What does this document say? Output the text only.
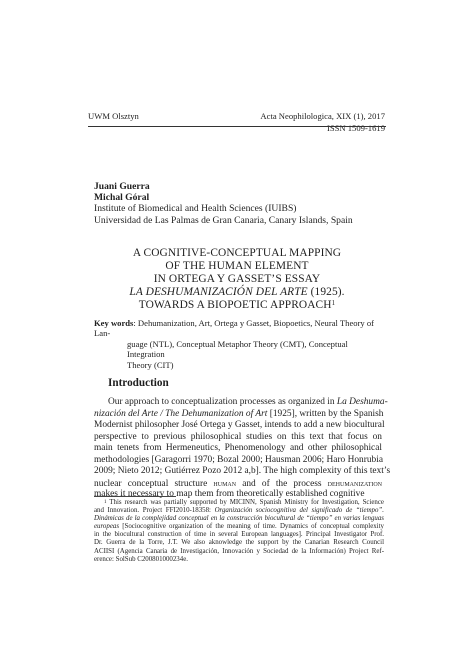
UWM Olsztyn	Acta Neophilologica, XIX (1), 2017
ISSN 1509-1619
Juani Guerra
Michal Góral
Institute of Biomedical and Health Sciences (IUIBS)
Universidad de Las Palmas de Gran Canaria, Canary Islands, Spain
A COGNITIVE-CONCEPTUAL MAPPING
OF THE HUMAN ELEMENT
IN ORTEGA Y GASSET’S ESSAY
LA DESHUMANIZACIÓN DEL ARTE (1925).
TOWARDS A BIOPOETIC APPROACH$^1$
Key words: Dehumanization, Art, Ortega y Gasset, Biopoetics, Neural Theory of Lan-
guage (NTL), Conceptual Metaphor Theory (CMT), Conceptual Integration
Theory (CIT)
Introduction
Our approach to conceptualization processes as organized in La Deshuma-
nización del Arte / The Dehumanization of Art [1925], written by the Spanish
Modernist philosopher José Ortega y Gasset, intends to add a new biocultural
perspective to previous philosophical studies on this text that focus on
main tenets from Hermeneutics, Phenomenology and other philosophical
methodologies [Garagorri 1970; Bozal 2000; Hausman 2006; Haro Honrubia
2009; Nieto 2012; Gutiérrez Pozo 2012 a,b]. The high complexity of this text’s
nuclear conceptual structure human and of the process dehumanization
makes it necessary to map them from theoretically established cognitive
$^1$ This research was partially supported by MICINN, Spanish Ministry for Investigation, Science
and Innovation. Project FFI2010-18358: Organización sociocognitiva del significado de “tiempo”.
Dinámicas de la complejidad conceptual en la construcción biocultural de “tiempo” en varias lenguas
europeas [Sociocognitive organization of the meaning of time. Dynamics of conceptual complexity
in the biocultural construction of time in several European languages]. Principal Investigator Prof.
Dr. Guerra de la Torre, J.T. We also aknowledge the support by the Canarian Research Council
ACIISI (Agencia Canaria de Investigación, Innovación y Sociedad de la Información) Project Ref-
erence: SolSub C200801000234e.
